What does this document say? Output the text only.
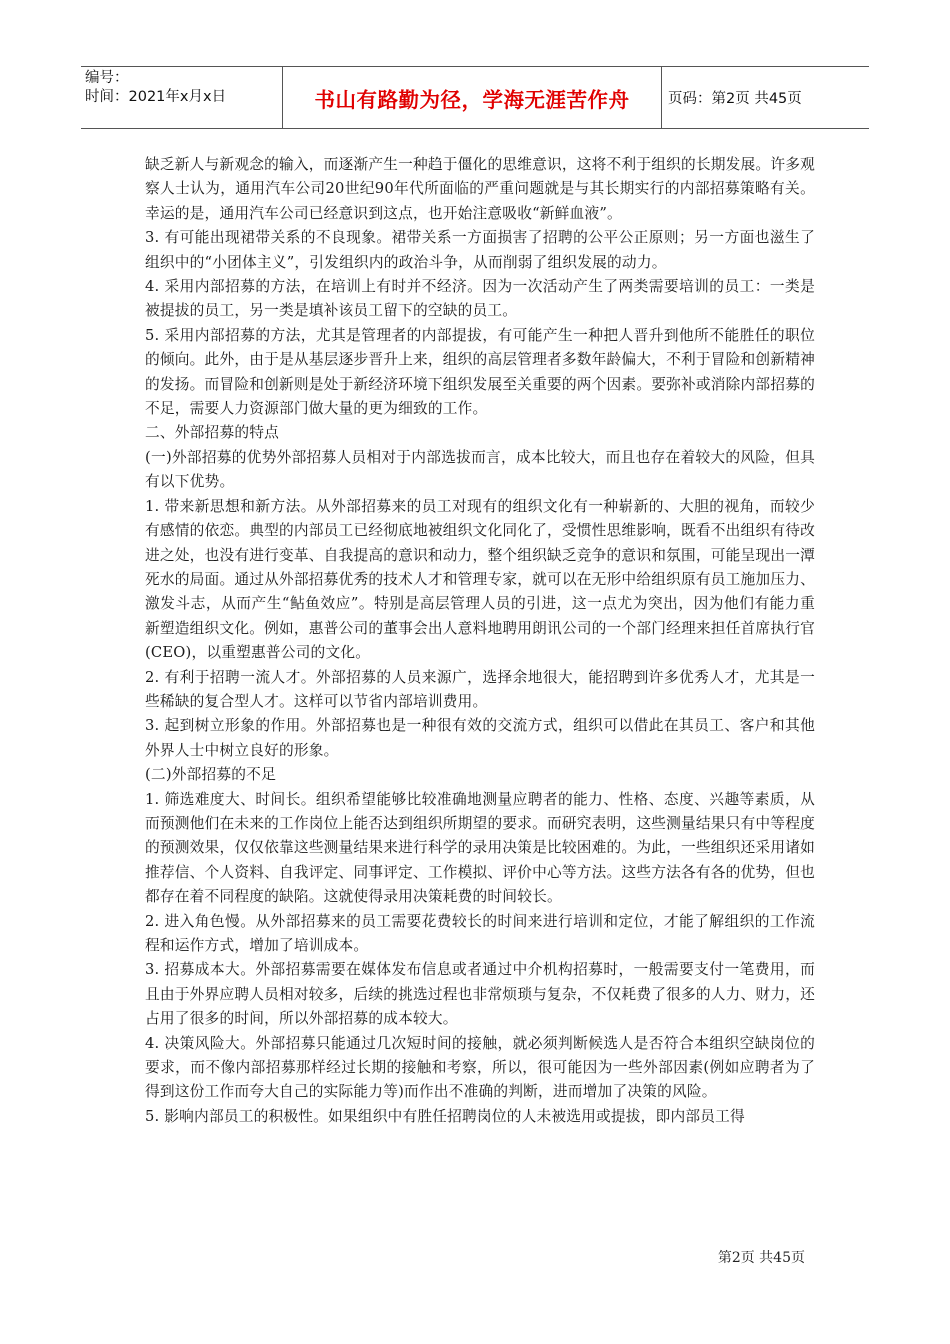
编号：
时间：2021年x月x日	书山有路勤为径，学海无涯苦作舟	页码：第2页 共45页

缺乏新人与新观念的输入，而逐渐产生一种趋于僵化的思维意识，这将不利于组织的长期发展。许多观察人士认为，通用汽车公司20世纪90年代所面临的严重问题就是与其长期实行的内部招募策略有关。幸运的是，通用汽车公司已经意识到这点，也开始注意吸收“新鲜血液”。

3. 有可能出现裙带关系的不良现象。裙带关系一方面损害了招聘的公平公正原则；另一方面也滋生了组织中的“小团体主义”，引发组织内的政治斗争，从而削弱了组织发展的动力。

4. 采用内部招募的方法，在培训上有时并不经济。因为一次活动产生了两类需要培训的员工：一类是被提拔的员工，另一类是填补该员工留下的空缺的员工。

5. 采用内部招募的方法，尤其是管理者的内部提拔，有可能产生一种把人晋升到他所不能胜任的职位的倾向。此外，由于是从基层逐步晋升上来，组织的高层管理者多数年龄偏大，不利于冒险和创新精神的发扬。而冒险和创新则是处于新经济环境下组织发展至关重要的两个因素。要弥补或消除内部招募的不足，需要人力资源部门做大量的更为细致的工作。

二、外部招募的特点

(一)外部招募的优势外部招募人员相对于内部选拔而言，成本比较大，而且也存在着较大的风险，但具有以下优势。

1. 带来新思想和新方法。从外部招募来的员工对现有的组织文化有一种崭新的、大胆的视角，而较少有感情的依恋。典型的内部员工已经彻底地被组织文化同化了，受惯性思维影响，既看不出组织有待改进之处，也没有进行变革、自我提高的意识和动力，整个组织缺乏竞争的意识和氛围，可能呈现出一潭死水的局面。通过从外部招募优秀的技术人才和管理专家，就可以在无形中给组织原有员工施加压力、激发斗志，从而产生“鲇鱼效应”。特别是高层管理人员的引进，这一点尤为突出，因为他们有能力重新塑造组织文化。例如，惠普公司的董事会出人意料地聘用朗讯公司的一个部门经理来担任首席执行官(CEO)，以重塑惠普公司的文化。

2. 有利于招聘一流人才。外部招募的人员来源广，选择余地很大，能招聘到许多优秀人才，尤其是一些稀缺的复合型人才。这样可以节省内部培训费用。

3. 起到树立形象的作用。外部招募也是一种很有效的交流方式，组织可以借此在其员工、客户和其他外界人士中树立良好的形象。

(二)外部招募的不足

1. 筛选难度大、时间长。组织希望能够比较准确地测量应聘者的能力、性格、态度、兴趣等素质，从而预测他们在未来的工作岗位上能否达到组织所期望的要求。而研究表明，这些测量结果只有中等程度的预测效果，仅仅依靠这些测量结果来进行科学的录用决策是比较困难的。为此，一些组织还采用诸如推荐信、个人资料、自我评定、同事评定、工作模拟、评价中心等方法。这些方法各有各的优势，但也都存在着不同程度的缺陷。这就使得录用决策耗费的时间较长。

2. 进入角色慢。从外部招募来的员工需要花费较长的时间来进行培训和定位，才能了解组织的工作流程和运作方式，增加了培训成本。

3. 招募成本大。外部招募需要在媒体发布信息或者通过中介机构招募时，一般需要支付一笔费用，而且由于外界应聘人员相对较多，后续的挑选过程也非常烦琐与复杂，不仅耗费了很多的人力、财力，还占用了很多的时间，所以外部招募的成本较大。

4. 决策风险大。外部招募只能通过几次短时间的接触，就必须判断候选人是否符合本组织空缺岗位的要求，而不像内部招募那样经过长期的接触和考察，所以，很可能因为一些外部因素(例如应聘者为了得到这份工作而夸大自己的实际能力等)而作出不准确的判断，进而增加了决策的风险。

5. 影响内部员工的积极性。如果组织中有胜任招聘岗位的人未被选用或提拔，即内部员工得

第2页 共45页
